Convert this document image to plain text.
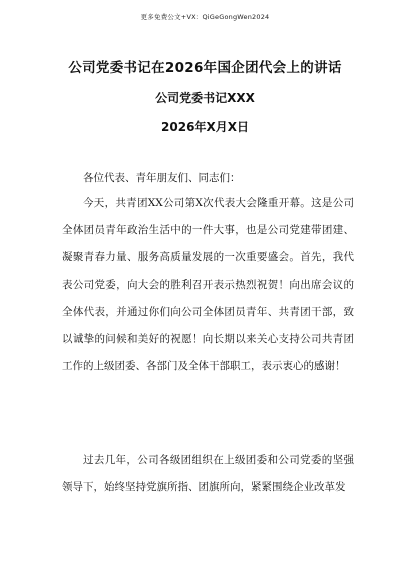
更多免费公文+VX：QiGeGongWen2024
公司党委书记在2026年国企团代会上的讲话
公司党委书记XXX
2026年X月X日
各位代表、青年朋友们、同志们：
今天，共青团XX公司第X次代表大会隆重开幕。这是公司全体团员青年政治生活中的一件大事，也是公司党建带团建、凝聚青春力量、服务高质量发展的一次重要盛会。首先，我代表公司党委，向大会的胜利召开表示热烈祝贺！向出席会议的全体代表，并通过你们向公司全体团员青年、共青团干部，致以诚挚的问候和美好的祝愿！向长期以来关心支持公司共青团工作的上级团委、各部门及全体干部职工，表示衷心的感谢！
过去几年，公司各级团组织在上级团委和公司党委的坚强领导下，始终坚持党旗所指、团旗所向，紧紧围绕企业改革发
